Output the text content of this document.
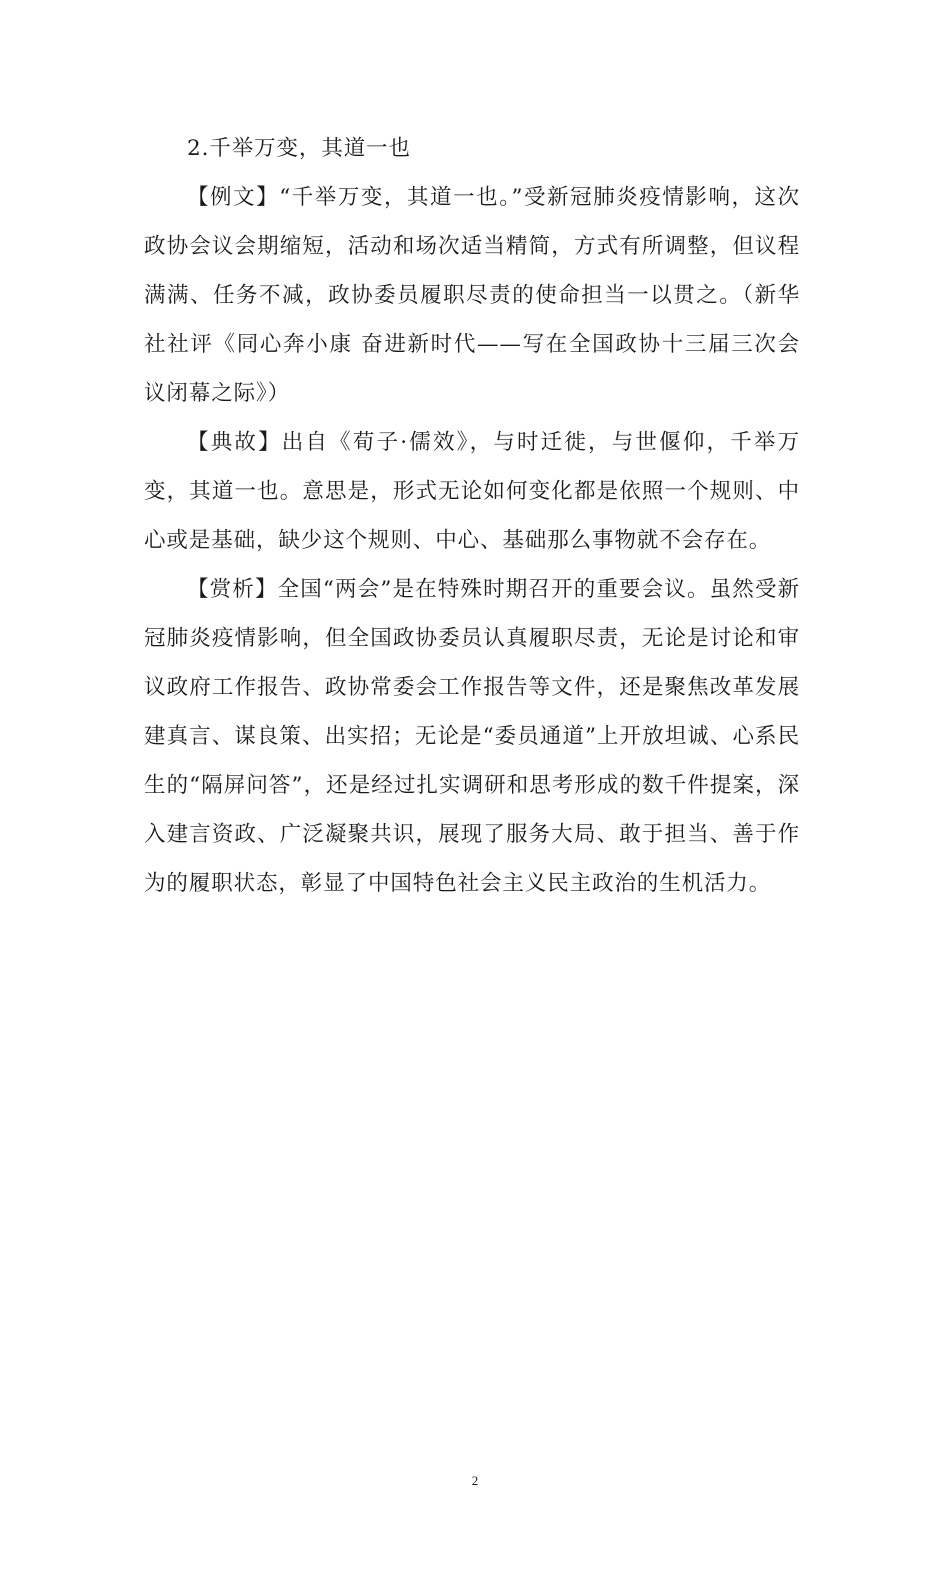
2.千举万变，其道一也

【例文】“千举万变，其道一也。”受新冠肺炎疫情影响，这次政协会议会期缩短，活动和场次适当精简，方式有所调整，但议程满满、任务不减，政协委员履职尽责的使命担当一以贯之。（新华社社评《同心奔小康 奋进新时代——写在全国政协十三届三次会议闭幕之际》）

【典故】出自《荀子·儒效》，与时迁徙，与世偃仰，千举万变，其道一也。意思是，形式无论如何变化都是依照一个规则、中心或是基础，缺少这个规则、中心、基础那么事物就不会存在。

【赏析】全国“两会”是在特殊时期召开的重要会议。虽然受新冠肺炎疫情影响，但全国政协委员认真履职尽责，无论是讨论和审议政府工作报告、政协常委会工作报告等文件，还是聚焦改革发展建真言、谋良策、出实招；无论是“委员通道”上开放坦诚、心系民生的“隔屏问答”，还是经过扎实调研和思考形成的数千件提案，深入建言资政、广泛凝聚共识，展现了服务大局、敢于担当、善于作为的履职状态，彰显了中国特色社会主义民主政治的生机活力。

2
